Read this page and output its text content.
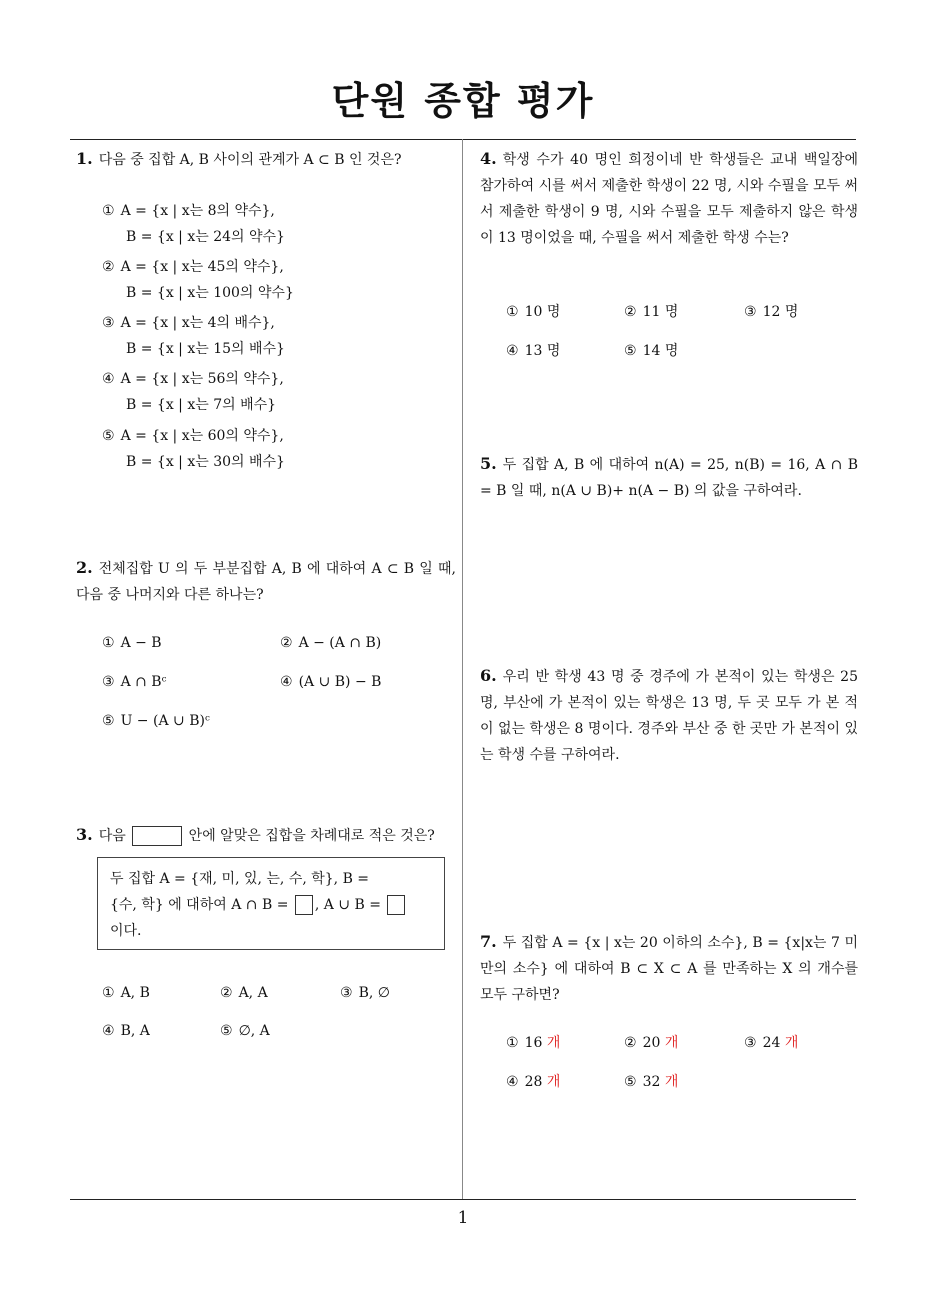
단원 종합 평가
1. 다음 중 집합 A, B 사이의 관계가 A ⊂ B 인 것은?
① A = {x | x는 8의 약수},
B = {x | x는 24의 약수}
② A = {x | x는 45의 약수},
B = {x | x는 100의 약수}
③ A = {x | x는 4의 배수},
B = {x | x는 15의 배수}
④ A = {x | x는 56의 약수},
B = {x | x는 7의 배수}
⑤ A = {x | x는 60의 약수},
B = {x | x는 30의 배수}
2. 전체집합 U 의 두 부분집합 A, B 에 대하여 A ⊂ B 일 때, 다음 중 나머지와 다른 하나는?
① A − B	② A − (A ∩ B)
③ A ∩ Bᶜ	④ (A ∪ B) − B
⑤ U − (A ∪ B)ᶜ
3. 다음	안에 알맞은 집합을 차례대로 적은 것은?
두 집합 A = {재, 미, 있, 는, 수, 학}, B =
{수, 학} 에 대하여 A ∩ B = , A ∪ B =
이다.
① A, B	② A, A	③ B, ∅
④ B, A	⑤ ∅, A
4. 학생 수가 40 명인 희정이네 반 학생들은 교내 백일장에 참가하여 시를 써서 제출한 학생이 22 명, 시와 수필을 모두 써서 제출한 학생이 9 명, 시와 수필을 모두 제출하지 않은 학생이 13 명이었을 때, 수필을 써서 제출한 학생 수는?
① 10 명	② 11 명	③ 12 명
④ 13 명	⑤ 14 명
5. 두 집합 A, B 에 대하여 n(A) = 25, n(B) = 16, A ∩ B = B 일 때, n(A ∪ B)+ n(A − B) 의 값을 구하여라.
6. 우리 반 학생 43 명 중 경주에 가 본적이 있는 학생은 25 명, 부산에 가 본적이 있는 학생은 13 명, 두 곳 모두 가 본 적이 없는 학생은 8 명이다. 경주와 부산 중 한 곳만 가 본적이 있는 학생 수를 구하여라.
7. 두 집합 A = {x | x는 20 이하의 소수}, B = {x|x는 7 미만의 소수} 에 대하여 B ⊂ X ⊂ A 를 만족하는 X 의 개수를 모두 구하면?
① 16 개	② 20 개	③ 24 개
④ 28 개	⑤ 32 개
1
